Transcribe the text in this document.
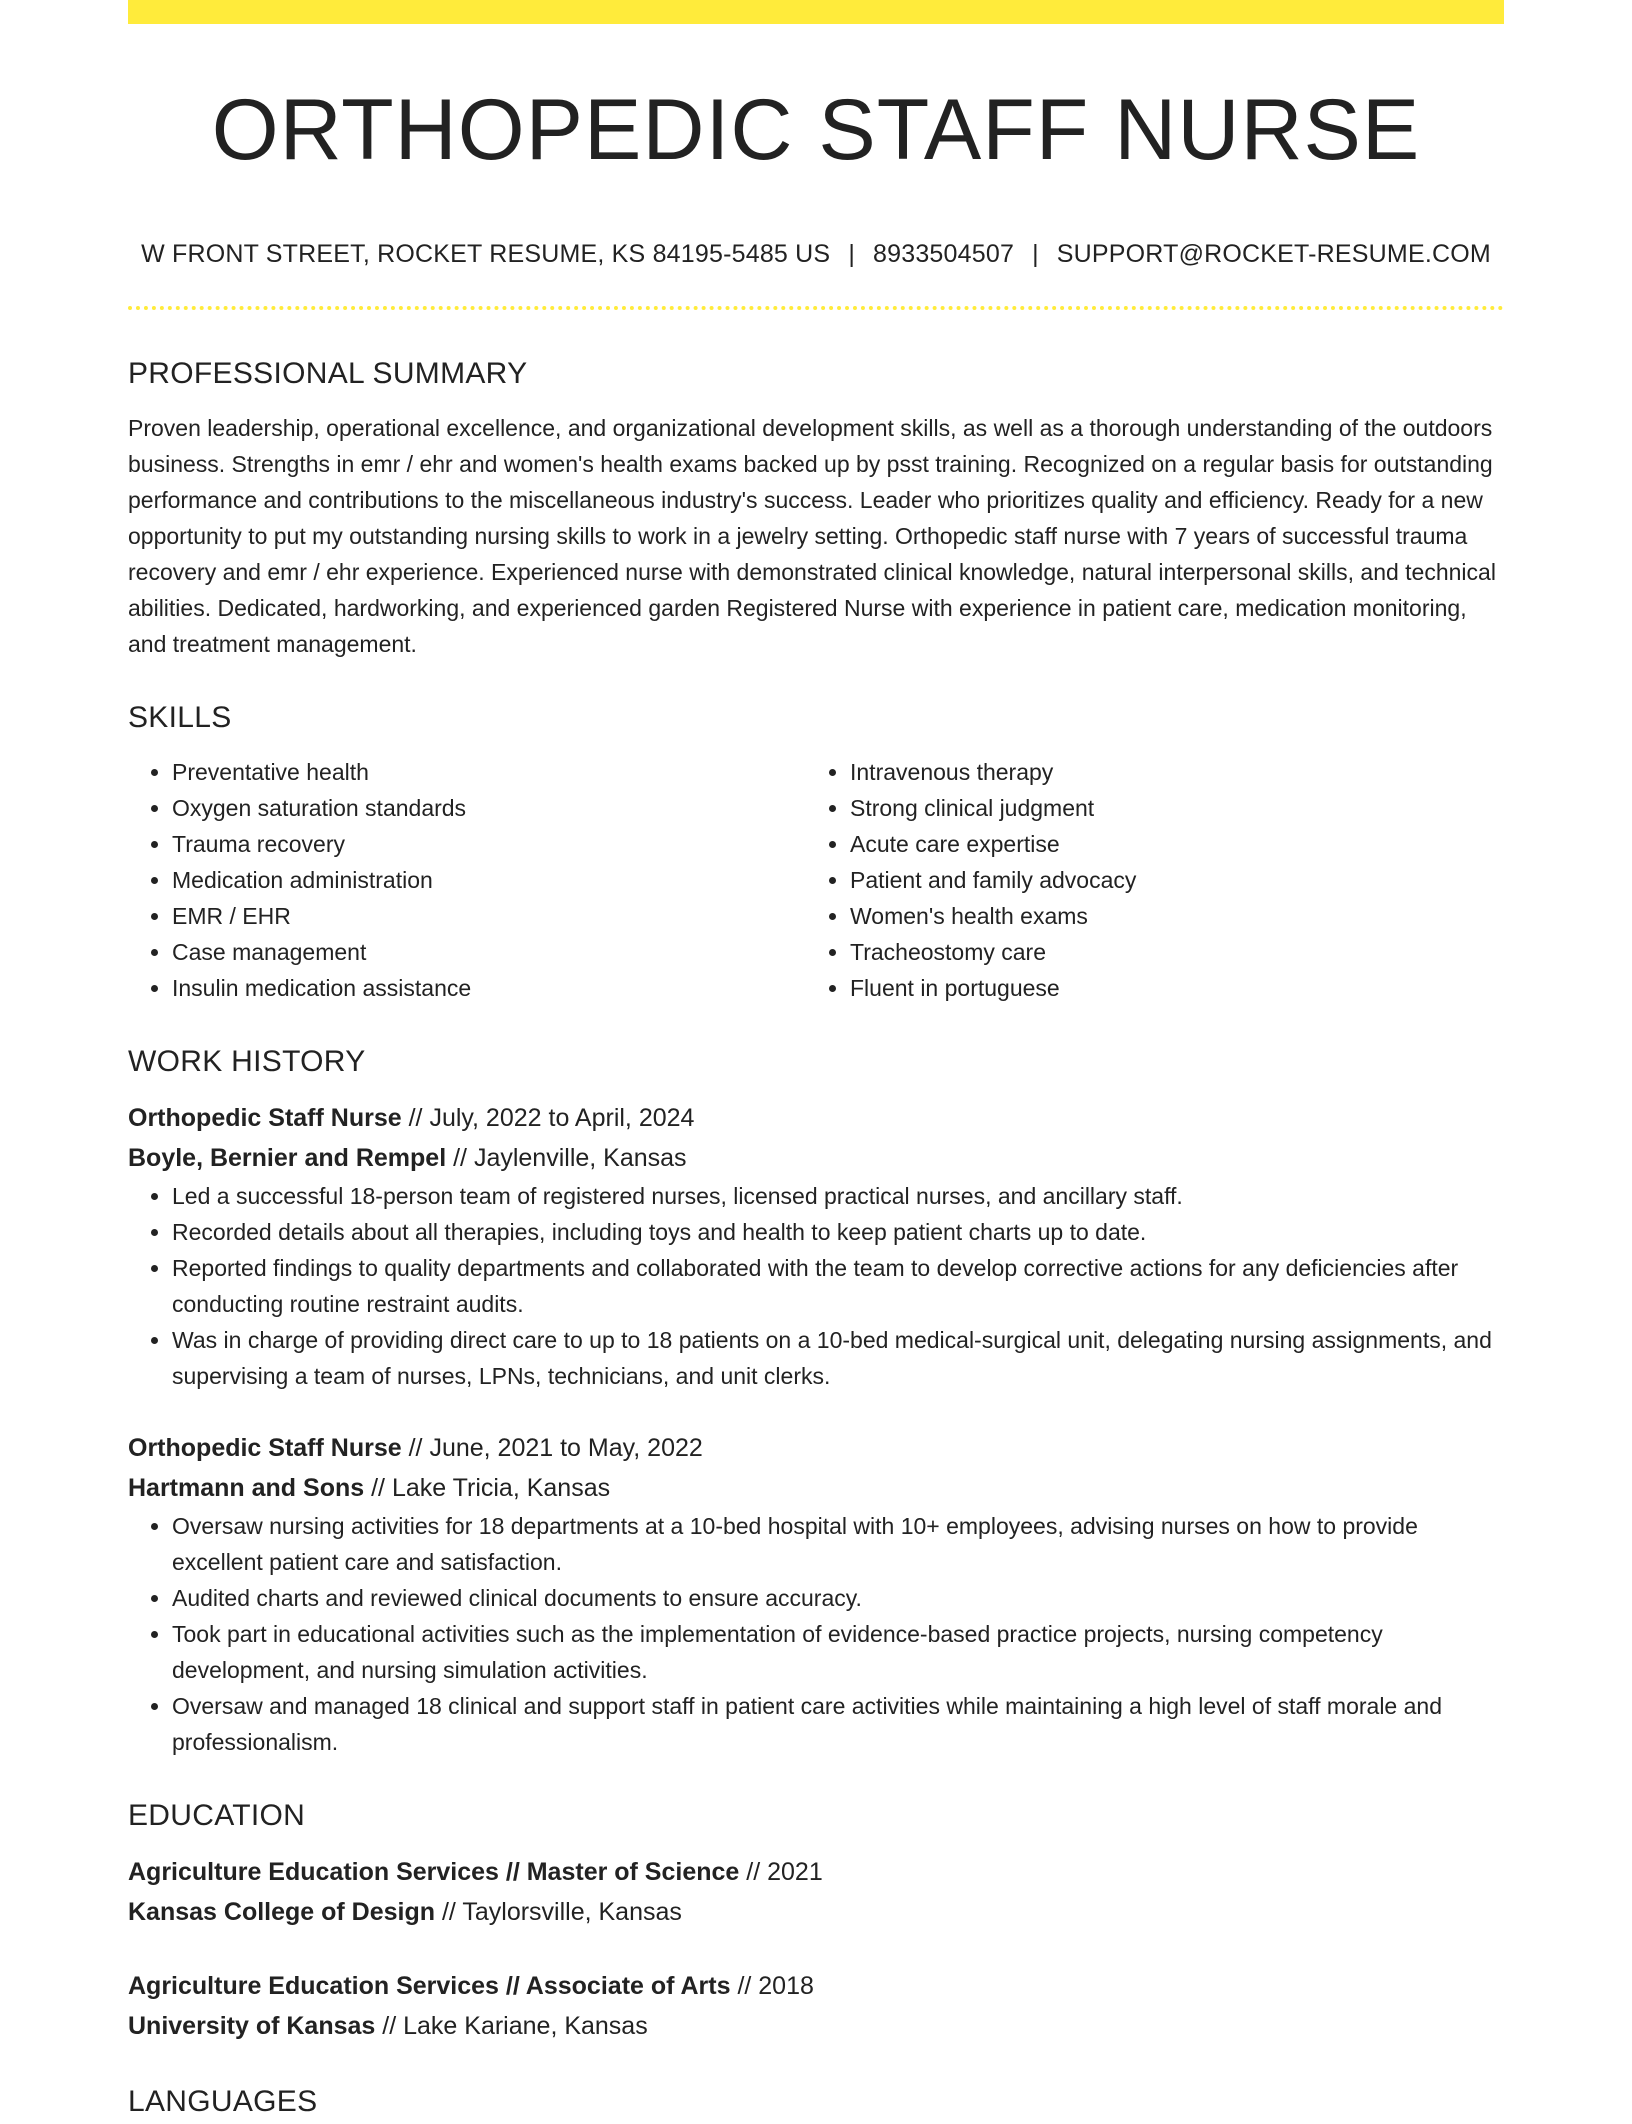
ORTHOPEDIC STAFF NURSE
W FRONT STREET, ROCKET RESUME, KS 84195-5485 US | 8933504507 | SUPPORT@ROCKET-RESUME.COM
PROFESSIONAL SUMMARY

Proven leadership, operational excellence, and organizational development skills, as well as a thorough understanding of the outdoors business. Strengths in emr / ehr and women's health exams backed up by psst training. Recognized on a regular basis for outstanding performance and contributions to the miscellaneous industry's success. Leader who prioritizes quality and efficiency. Ready for a new opportunity to put my outstanding nursing skills to work in a jewelry setting. Orthopedic staff nurse with 7 years of successful trauma recovery and emr / ehr experience. Experienced nurse with demonstrated clinical knowledge, natural interpersonal skills, and technical abilities. Dedicated, hardworking, and experienced garden Registered Nurse with experience in patient care, medication monitoring, and treatment management.

SKILLS
• Preventative health
• Oxygen saturation standards
• Trauma recovery
• Medication administration
• EMR / EHR
• Case management
• Insulin medication assistance
• Intravenous therapy
• Strong clinical judgment
• Acute care expertise
• Patient and family advocacy
• Women's health exams
• Tracheostomy care
• Fluent in portuguese
WORK HISTORY

Orthopedic Staff Nurse // July, 2022 to April, 2024

Boyle, Bernier and Rempel // Jaylenville, Kansas

• Led a successful 18-person team of registered nurses, licensed practical nurses, and ancillary staff.
• Recorded details about all therapies, including toys and health to keep patient charts up to date.
• Reported findings to quality departments and collaborated with the team to develop corrective actions for any deficiencies after conducting routine restraint audits.
• Was in charge of providing direct care to up to 18 patients on a 10-bed medical-surgical unit, delegating nursing assignments, and supervising a team of nurses, LPNs, technicians, and unit clerks.

Orthopedic Staff Nurse // June, 2021 to May, 2022

Hartmann and Sons // Lake Tricia, Kansas

• Oversaw nursing activities for 18 departments at a 10-bed hospital with 10+ employees, advising nurses on how to provide excellent patient care and satisfaction.
• Audited charts and reviewed clinical documents to ensure accuracy.
• Took part in educational activities such as the implementation of evidence-based practice projects, nursing competency development, and nursing simulation activities.
• Oversaw and managed 18 clinical and support staff in patient care activities while maintaining a high level of staff morale and professionalism.
EDUCATION

Agriculture Education Services // Master of Science // 2021

Kansas College of Design // Taylorsville, Kansas

Agriculture Education Services // Associate of Arts // 2018

University of Kansas // Lake Kariane, Kansas

LANGUAGES
